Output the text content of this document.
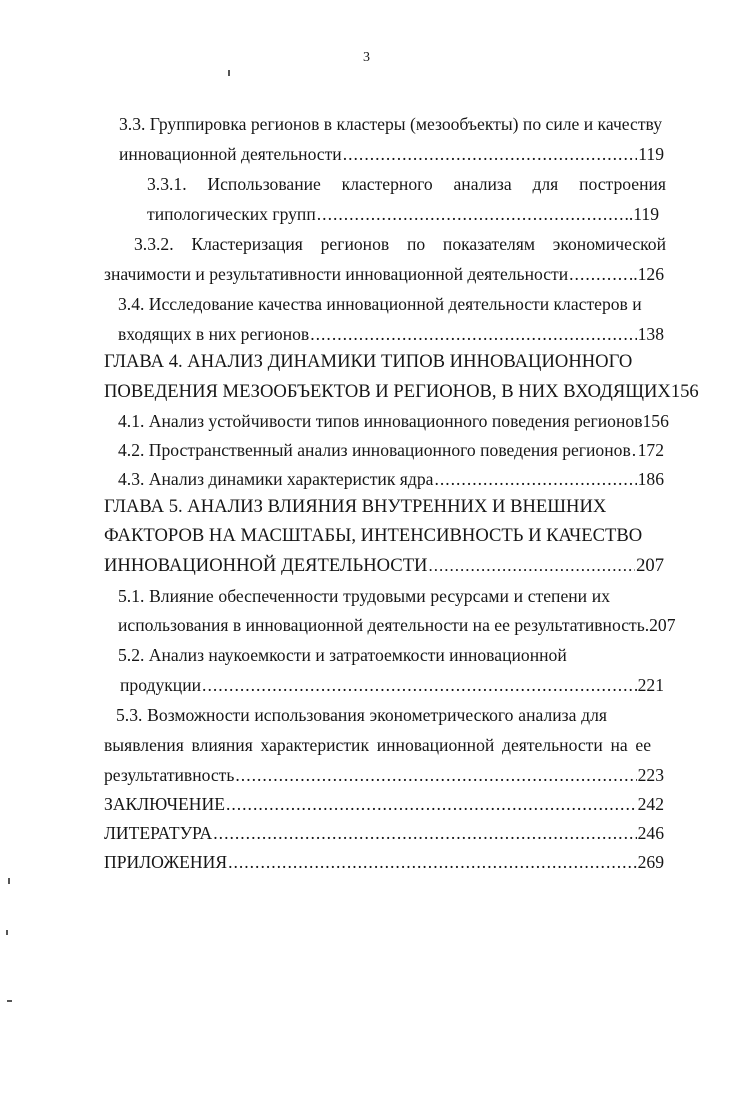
3
3.3. Группировка регионов в кластеры (мезообъекты) по силе и качеству
инновационной деятельности .....	119
3.3.1. Использование кластерного анализа для построения
типологических групп .....	.119
3.3.2. Кластеризация регионов по показателям экономической
значимости и результативности инновационной деятельности .....	..126
3.4. Исследование качества инновационной деятельности кластеров и
входящих в них регионов .....	138
ГЛАВА 4. АНАЛИЗ ДИНАМИКИ ТИПОВ ИННОВАЦИОННОГО
ПОВЕДЕНИЯ МЕЗООБЪЕКТОВ И РЕГИОНОВ, В НИХ ВХОДЯЩИХ156
4.1. Анализ устойчивости типов инновационного поведения регионов 156
4.2. Пространственный анализ инновационного поведения регионов ..... 172
4.3. Анализ динамики характеристик ядра .....	186
ГЛАВА 5. АНАЛИЗ ВЛИЯНИЯ ВНУТРЕННИХ И ВНЕШНИХ
ФАКТОРОВ НА МАСШТАБЫ, ИНТЕНСИВНОСТЬ И КАЧЕСТВО
ИННОВАЦИОННОЙ ДЕЯТЕЛЬНОСТИ .....	207
5.1. Влияние обеспеченности трудовыми ресурсами и степени их
использования в инновационной деятельности на ее результативность.207
5.2. Анализ наукоемкости и затратоемкости инновационной
продукции .....	221
5.3. Возможности использования эконометрического анализа для
выявления влияния характеристик инновационной деятельности на ее
результативность .....	223
ЗАКЛЮЧЕНИЕ .....	242
ЛИТЕРАТУРА .....	246
ПРИЛОЖЕНИЯ .....	269
